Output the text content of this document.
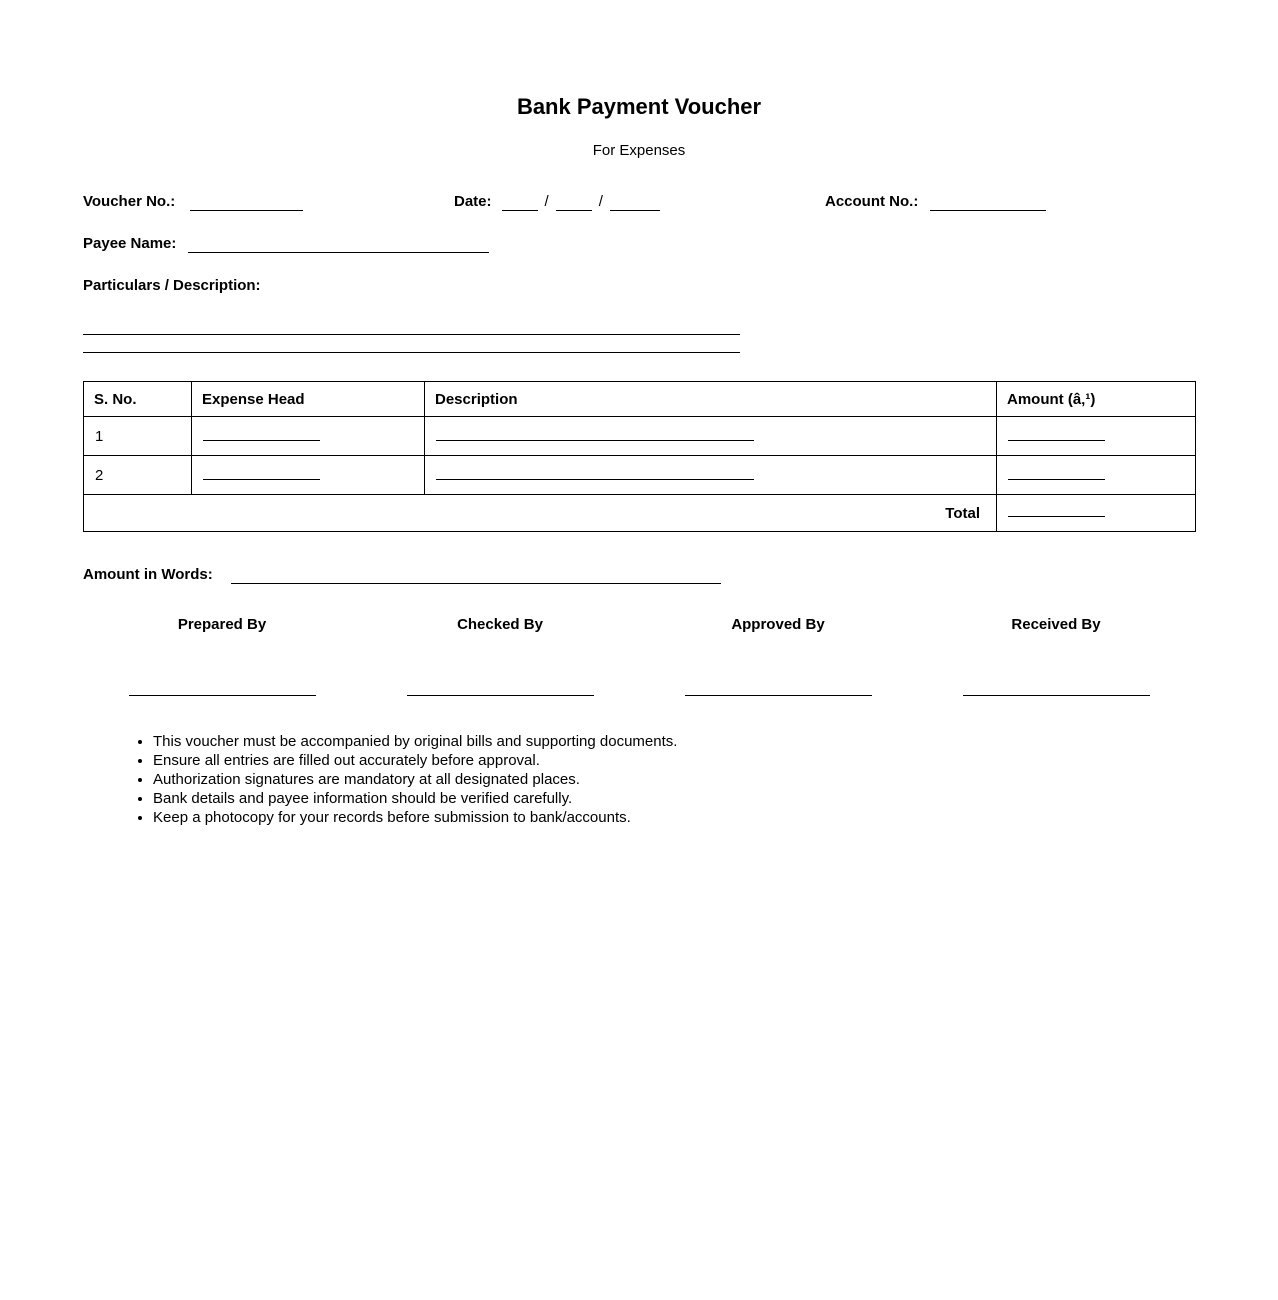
Bank Payment Voucher
For Expenses
Voucher No.:	Date:	/	/	Account No.:
Payee Name:
Particulars / Description:
S. No.	Expense Head	Description	Amount (â‚¹)
1			
2			
Total			
Amount in Words:
Prepared By	Checked By	Approved By	Received By
• This voucher must be accompanied by original bills and supporting documents.
• Ensure all entries are filled out accurately before approval.
• Authorization signatures are mandatory at all designated places.
• Bank details and payee information should be verified carefully.
• Keep a photocopy for your records before submission to bank/accounts.
